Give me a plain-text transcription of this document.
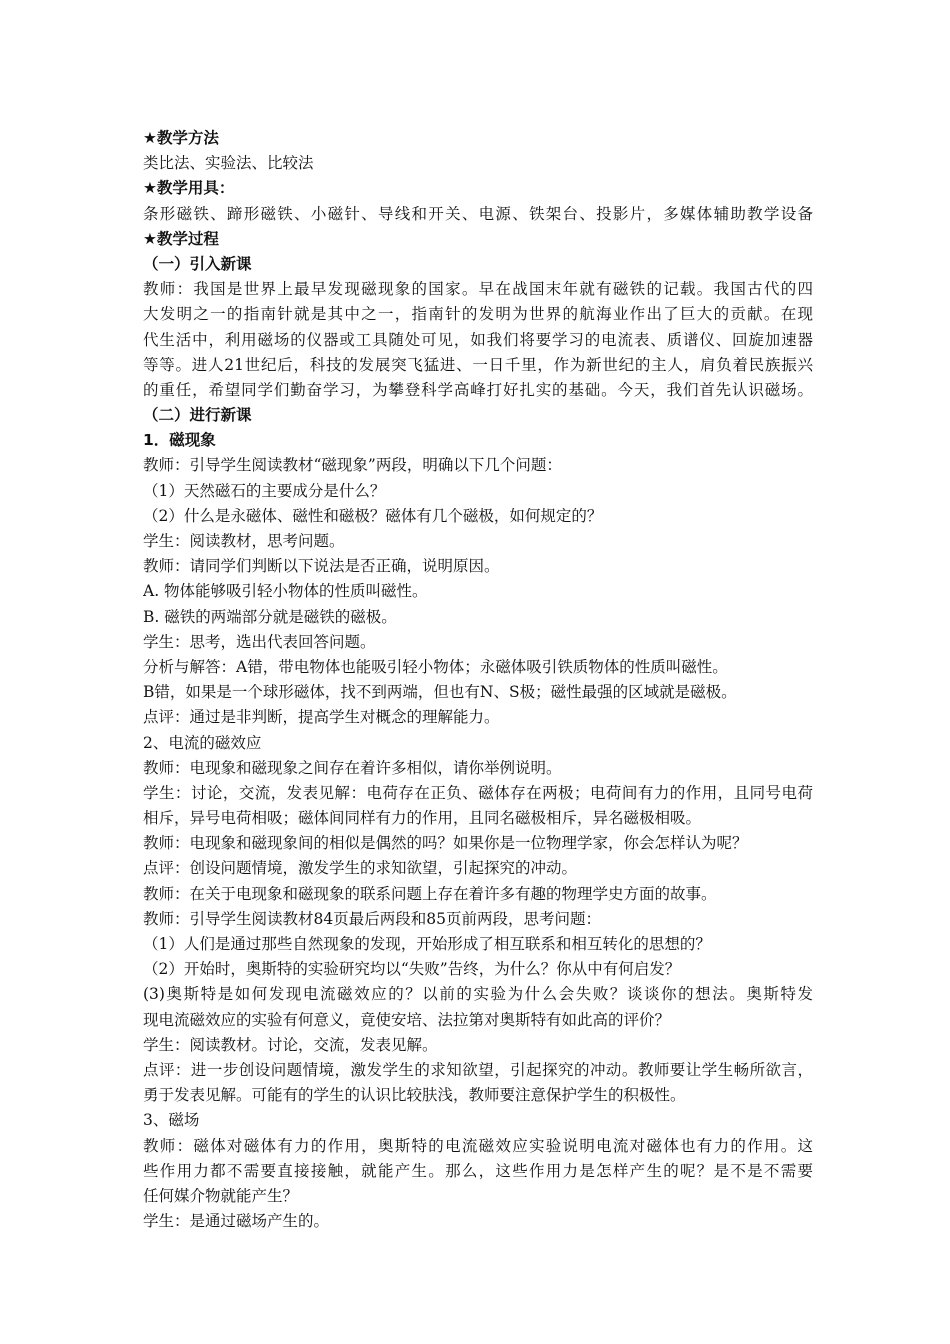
★教学方法
类比法、实验法、比较法
★教学用具：
条形磁铁、蹄形磁铁、小磁针、导线和开关、电源、铁架台、投影片，多媒体辅助教学设备
★教学过程
（一）引入新课
教师：我国是世界上最早发现磁现象的国家。早在战国末年就有磁铁的记载。我国古代的四
大发明之一的指南针就是其中之一，指南针的发明为世界的航海业作出了巨大的贡献。在现
代生活中，利用磁场的仪器或工具随处可见，如我们将要学习的电流表、质谱仪、回旋加速器
等等。进人21世纪后，科技的发展突飞猛进、一日千里，作为新世纪的主人，肩负着民族振兴
的重任，希望同学们勤奋学习，为攀登科学高峰打好扎实的基础。今天，我们首先认识磁场。
（二）进行新课
1．磁现象
教师：引导学生阅读教材“磁现象”两段，明确以下几个问题：
（1）天然磁石的主要成分是什么？
（2）什么是永磁体、磁性和磁极？磁体有几个磁极，如何规定的？
学生：阅读教材，思考问题。
教师：请同学们判断以下说法是否正确，说明原因。
A. 物体能够吸引轻小物体的性质叫磁性。
B. 磁铁的两端部分就是磁铁的磁极。
学生：思考，选出代表回答问题。
分析与解答：A错，带电物体也能吸引轻小物体；永磁体吸引铁质物体的性质叫磁性。
B错，如果是一个球形磁体，找不到两端，但也有N、S极；磁性最强的区域就是磁极。
点评：通过是非判断，提高学生对概念的理解能力。
2、电流的磁效应
教师：电现象和磁现象之间存在着许多相似，请你举例说明。
学生：讨论，交流，发表见解：电荷存在正负、磁体存在两极；电荷间有力的作用，且同号电荷
相斥，异号电荷相吸；磁体间同样有力的作用，且同名磁极相斥，异名磁极相吸。
教师：电现象和磁现象间的相似是偶然的吗？如果你是一位物理学家，你会怎样认为呢？
点评：创设问题情境，激发学生的求知欲望，引起探究的冲动。
教师：在关于电现象和磁现象的联系问题上存在着许多有趣的物理学史方面的故事。
教师：引导学生阅读教材84页最后两段和85页前两段，思考问题：
（1）人们是通过那些自然现象的发现，开始形成了相互联系和相互转化的思想的？
（2）开始时，奥斯特的实验研究均以“失败”告终，为什么？你从中有何启发？
(3)奥斯特是如何发现电流磁效应的？以前的实验为什么会失败？谈谈你的想法。奥斯特发
现电流磁效应的实验有何意义，竟使安培、法拉第对奥斯特有如此高的评价？
学生：阅读教材。讨论，交流，发表见解。
点评：进一步创设问题情境，激发学生的求知欲望，引起探究的冲动。教师要让学生畅所欲言，
勇于发表见解。可能有的学生的认识比较肤浅，教师要注意保护学生的积极性。
3、磁场
教师：磁体对磁体有力的作用，奥斯特的电流磁效应实验说明电流对磁体也有力的作用。这
些作用力都不需要直接接触，就能产生。那么，这些作用力是怎样产生的呢？是不是不需要
任何媒介物就能产生？
学生：是通过磁场产生的。
